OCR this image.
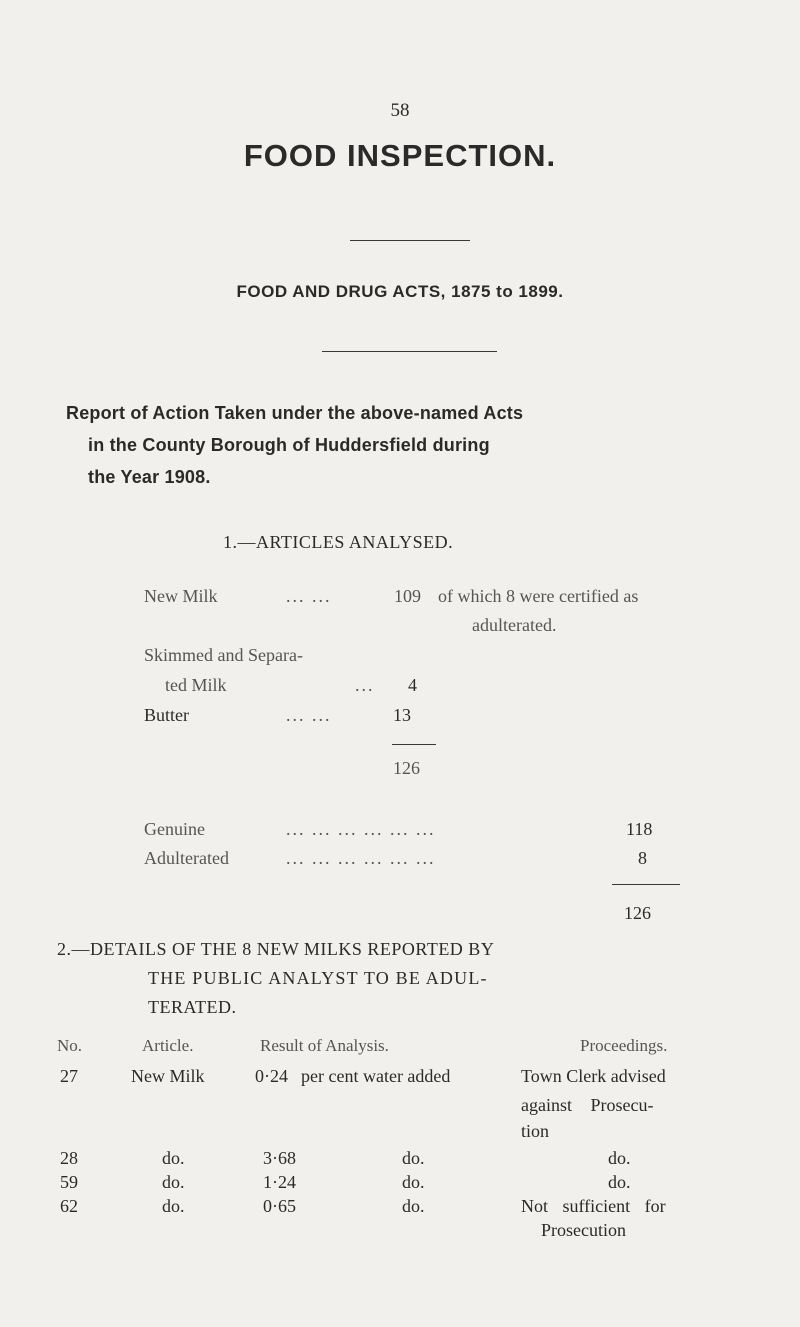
58
FOOD INSPECTION.
FOOD AND DRUG ACTS, 1875 to 1899.
Report of Action Taken under the above-named Acts
in the County Borough of Huddersfield during
the Year 1908.
1.—ARTICLES ANALYSED.
New Milk	... ...	109 of which 8 were certified as
adulterated.
Skimmed and Separa-
ted Milk	... 4
Butter	... ...	13
126
Genuine	... ... ... ... ... ...	118
Adulterated	... ... ... ... ... ...	8
126
2.—DETAILS OF THE 8 NEW MILKS REPORTED BY
THE PUBLIC ANALYST TO BE ADUL-
TERATED.
No.	Article.	Result of Analysis.	Proceedings.
27	New Milk	0·24 per cent water added	Town Clerk advised
against Prosecu-
tion
28	do.	3·68	do.	do.
59	do.	1·24	do.	do.
62	do.	0·65	do.	Not sufficient for
Prosecution
